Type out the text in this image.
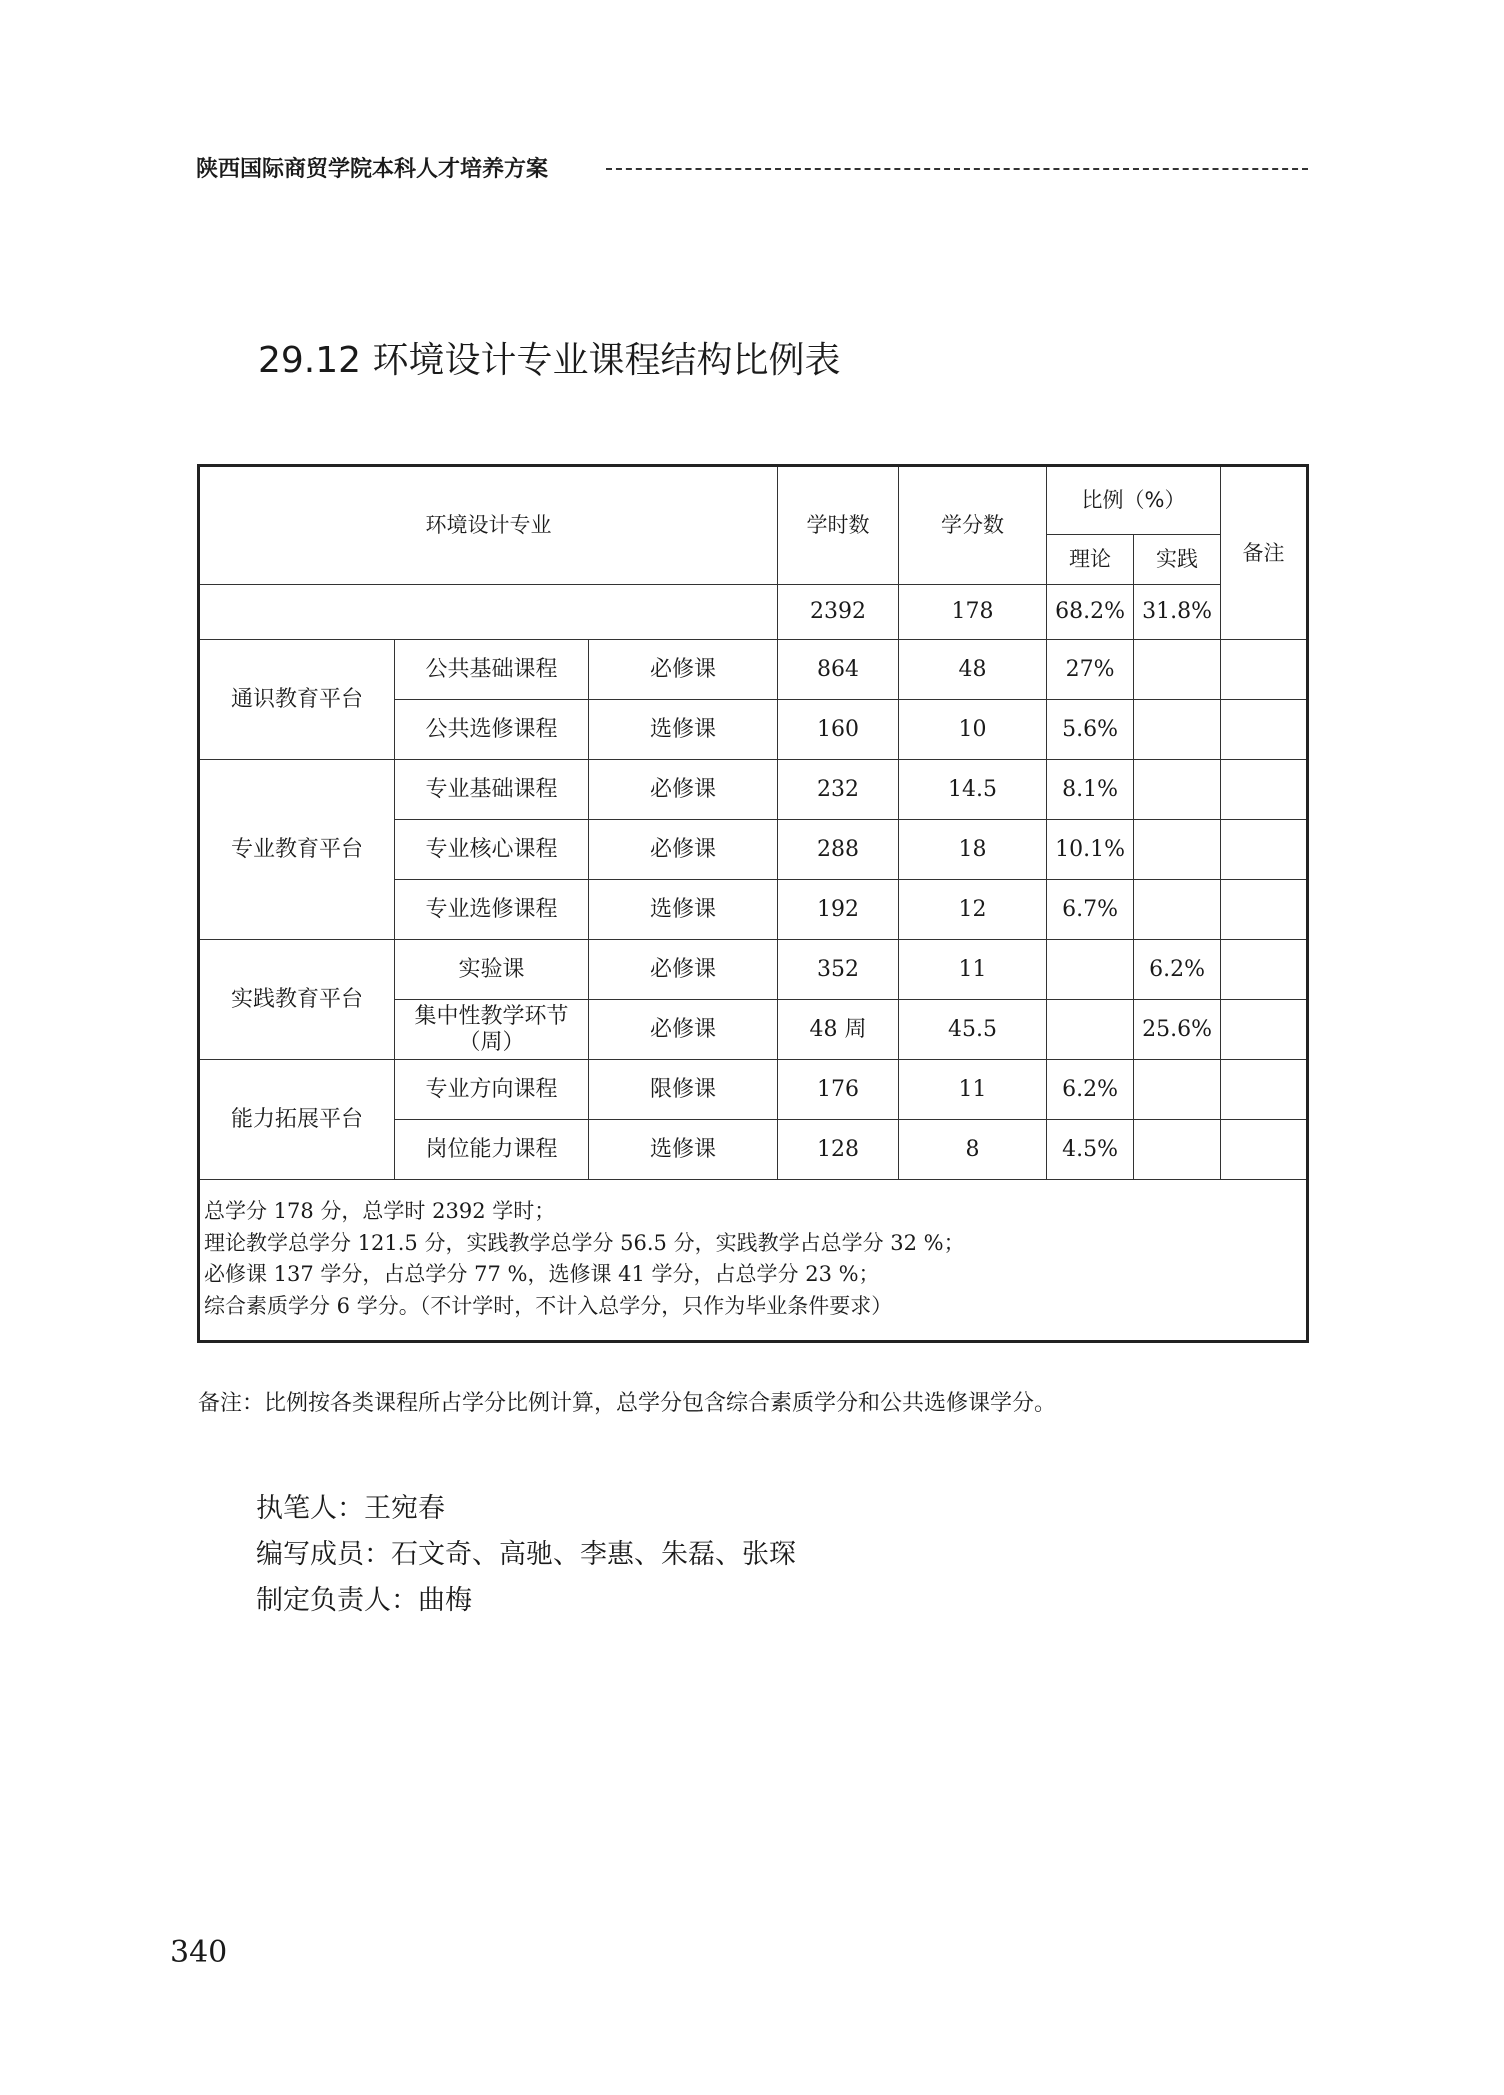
陕西国际商贸学院本科人才培养方案
29.12 环境设计专业课程结构比例表
环境设计专业			学时数	学分数	比例（%）		备注
					理论	实践	
			2392	178	68.2%	31.8%	
通识教育平台	公共基础课程	必修课	864	48	27%		

	公共选修课程	选修课	160	10	5.6%		
专业教育平台	专业基础课程	必修课	232	14.5	8.1%		

	专业核心课程	必修课	288	18	10.1%		

	专业选修课程	选修课	192	12	6.7%		
实践教育平台	实验课	必修课	352	11		6.2%	

	集中性教学环节
（周）	必修课	48 周	45.5		25.6%	
能力拓展平台	专业方向课程	限修课	176	11	6.2%		

	岗位能力课程	选修课	128	8	4.5%		

总学分 178 分，总学时 2392 学时；
理论教学总学分 121.5 分，实践教学总学分 56.5 分，实践教学占总学分 32 %；
必修课 137 学分，占总学分 77 %，选修课 41 学分，占总学分 23 %；
综合素质学分 6 学分。（不计学时，不计入总学分，只作为毕业条件要求）							
备注：比例按各类课程所占学分比例计算，总学分包含综合素质学分和公共选修课学分。
执笔人：王宛春
编写成员：石文奇、高驰、李惠、朱磊、张琛
制定负责人：曲梅
340
